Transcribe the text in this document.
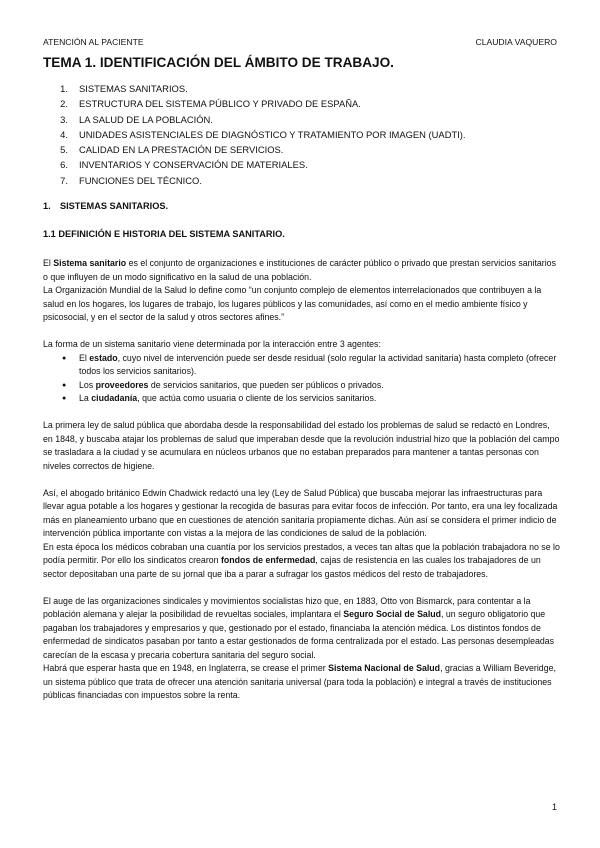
ATENCIÓN AL PACIENTE	CLAUDIA VAQUERO
TEMA 1. IDENTIFICACIÓN DEL ÁMBITO DE TRABAJO.
1.	SISTEMAS SANITARIOS.
2.	ESTRUCTURA DEL SISTEMA PÚBLICO Y PRIVADO DE ESPAÑA.
3.	LA SALUD DE LA POBLACIÓN.
4.	UNIDADES ASISTENCIALES DE DIAGNÓSTICO Y TRATAMIENTO POR IMAGEN (UADTI).
5.	CALIDAD EN LA PRESTACIÓN DE SERVICIOS.
6.	INVENTARIOS Y CONSERVACIÓN DE MATERIALES.
7.	FUNCIONES DEL TÉCNICO.
1. SISTEMAS SANITARIOS.
1.1 DEFINICIÓN E HISTORIA DEL SISTEMA SANITARIO.

El Sistema sanitario es el conjunto de organizaciones e instituciones de carácter público o privado que prestan servicios sanitarios o que influyen de un modo significativo en la salud de una población.

La Organización Mundial de la Salud lo define como “un conjunto complejo de elementos interrelacionados que contribuyen a la salud en los hogares, los lugares de trabajo, los lugares públicos y las comunidades, así como en el medio ambiente físico y psicosocial, y en el sector de la salud y otros sectores afines.”

La forma de un sistema sanitario viene determinada por la interacción entre 3 agentes:

● El estado, cuyo nivel de intervención puede ser desde residual (solo regular la actividad sanitaria) hasta completo (ofrecer todos los servicios sanitarios).
● Los proveedores de servicios sanitarios, que pueden ser públicos o privados.
● La ciudadanía, que actúa como usuaria o cliente de los servicios sanitarios.

La primera ley de salud pública que abordaba desde la responsabilidad del estado los problemas de salud se redactó en Londres, en 1848, y buscaba atajar los problemas de salud que imperaban desde que la revolución industrial hizo que la población del campo se trasladara a la ciudad y se acumulara en núcleos urbanos que no estaban preparados para mantener a tantas personas con niveles correctos de higiene.

Así, el abogado británico Edwin Chadwick redactó una ley (Ley de Salud Pública) que buscaba mejorar las infraestructuras para llevar agua potable a los hogares y gestionar la recogida de basuras para evitar focos de infección. Por tanto, era una ley focalizada más en planeamiento urbano que en cuestiones de atención sanitaria propiamente dichas. Aún así se considera el primer indicio de intervención pública importante con vistas a la mejora de las condiciones de salud de la población.

En esta época los médicos cobraban una cuantía por los servicios prestados, a veces tan altas que la población trabajadora no se lo podía permitir. Por ello los sindicatos crearon fondos de enfermedad, cajas de resistencia en las cuales los trabajadores de un sector depositaban una parte de su jornal que iba a parar a sufragar los gastos médicos del resto de trabajadores.

El auge de las organizaciones sindicales y movimientos socialistas hizo que, en 1883, Otto von Bismarck, para contentar a la población alemana y alejar la posibilidad de revueltas sociales, implantara el Seguro Social de Salud, un seguro obligatorio que pagaban los trabajadores y empresarios y que, gestionado por el estado, financiaba la atención médica. Los distintos fondos de enfermedad de sindicatos pasaban por tanto a estar gestionados de forma centralizada por el estado. Las personas desempleadas carecían de la escasa y precaria cobertura sanitaria del seguro social.

Habrá que esperar hasta que en 1948, en Inglaterra, se crease el primer Sistema Nacional de Salud, gracias a William Beveridge, un sistema público que trata de ofrecer una atención sanitaria universal (para toda la población) e integral a través de instituciones públicas financiadas con impuestos sobre la renta.

1
